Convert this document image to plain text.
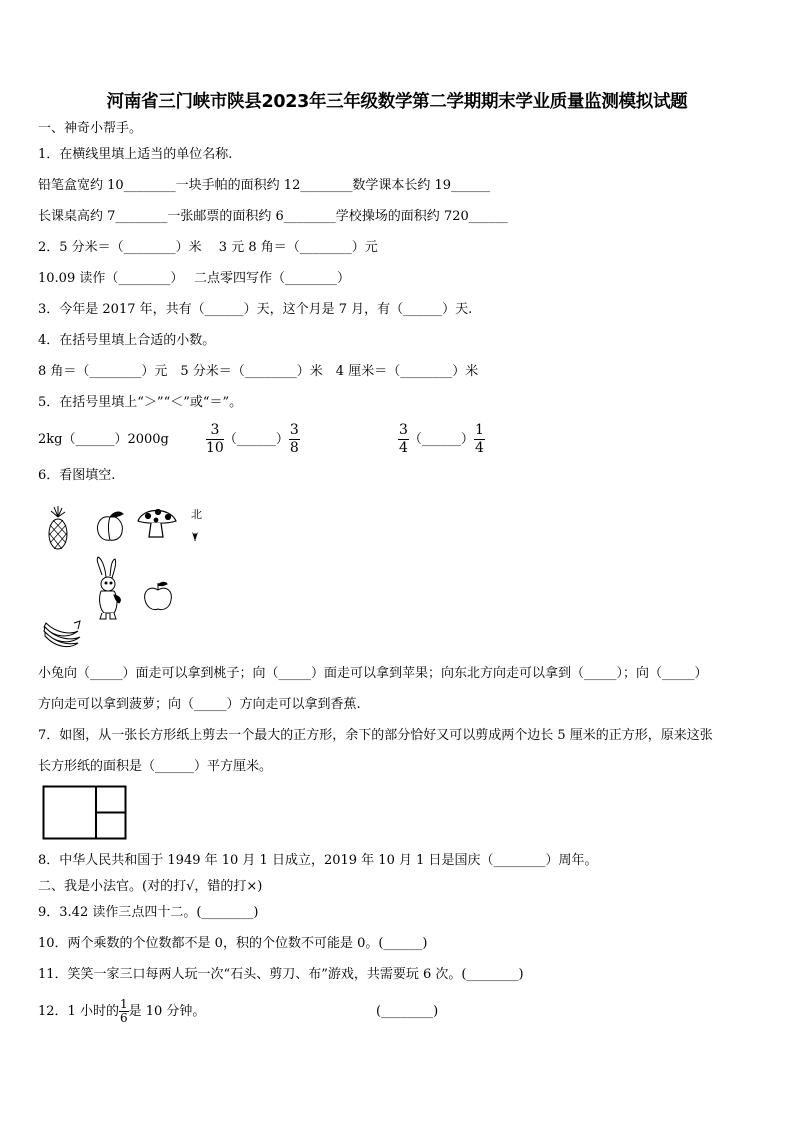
河南省三门峡市陕县2023年三年级数学第二学期期末学业质量监测模拟试题
一、神奇小帮手。
1．在横线里填上适当的单位名称.
铅笔盒宽约 10________一块手帕的面积约 12________数学课本长约 19______
长课桌高约 7________一张邮票的面积约 6________学校操场的面积约 720______
2．5 分米＝（________）米　 3 元 8 角＝（________）元
10.09 读作（________）　 二点零四写作（________）
3．今年是 2017 年，共有（______）天，这个月是 7 月，有（______）天.
4．在括号里填上合适的小数。
8 角＝（________）元　5 分米＝（________）米　4 厘米＝（________）米
5．在括号里填上“＞”“＜”或“＝”。
2kg（______）2000g	$\frac{3}{10}$ （______） $\frac{3}{8}$	$\frac{3}{4}$ （______） $\frac{1}{4}$
6．看图填空.
北
小兔向（_____）面走可以拿到桃子；向（_____）面走可以拿到苹果；向东北方向走可以拿到（_____）；向（_____）
方向走可以拿到菠萝；向（_____）方向走可以拿到香蕉.
7．如图，从一张长方形纸上剪去一个最大的正方形，余下的部分恰好又可以剪成两个边长 5 厘米的正方形，原来这张
长方形纸的面积是（______）平方厘米。
8．中华人民共和国于 1949 年 10 月 1 日成立，2019 年 10 月 1 日是国庆（________）周年。
二、我是小法官。(对的打√，错的打×)
9．3.42 读作三点四十二。(________)
10．两个乘数的个位数都不是 0，积的个位数不可能是 0。(______)
11．笑笑一家三口每两人玩一次“石头、剪刀、布”游戏，共需要玩 6 次。(________)
12．1 小时的 $\frac{1}{6}$ 是 10 分钟。	(________)
